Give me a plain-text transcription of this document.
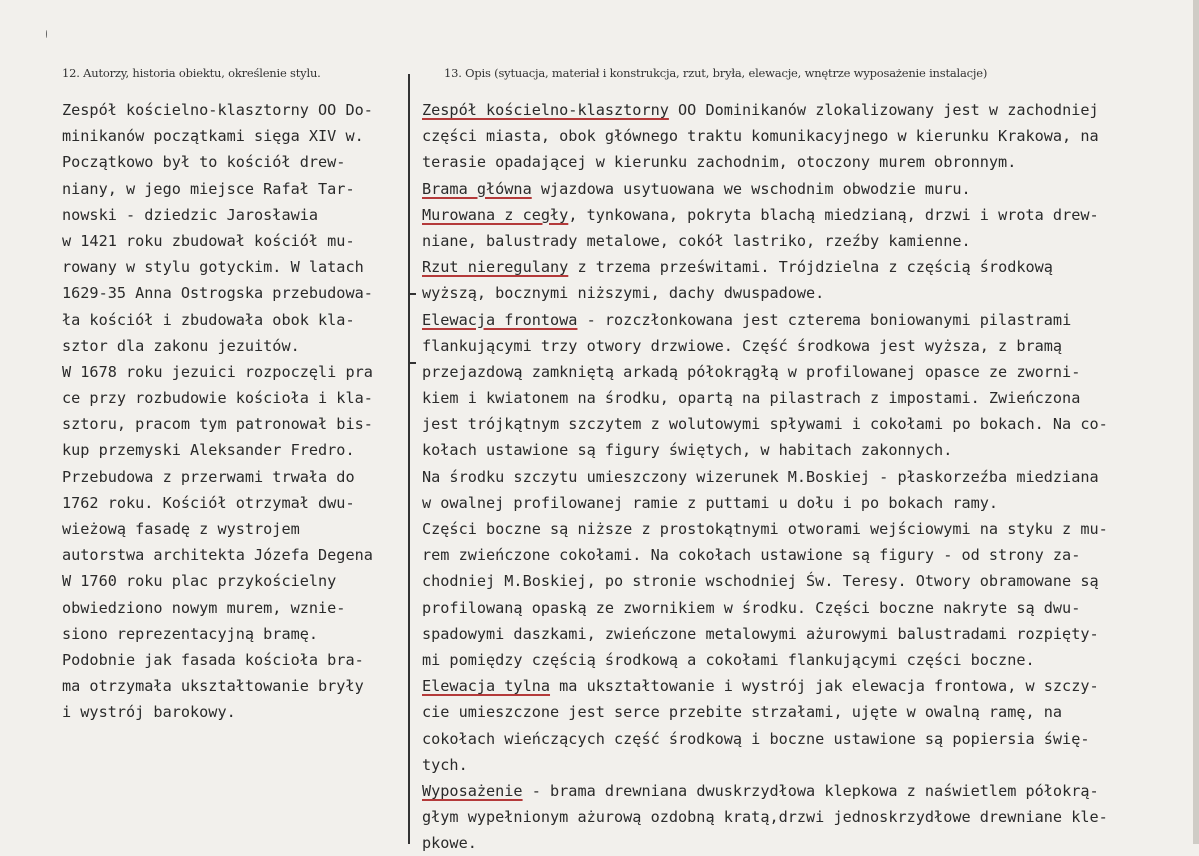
12. Autorzy, historia obiektu, określenie stylu.	13. Opis (sytuacja, materiał i konstrukcja, rzut, bryła, elewacje, wnętrze wyposażenie instalacje)
Zespół kościelno-klasztorny OO Do-
minikanów początkami sięga XIV w.
Początkowo był to kościół drew-
niany, w jego miejsce Rafał Tar-
nowski - dziedzic Jarosławia
w 1421 roku zbudował kościół mu-
rowany w stylu gotyckim. W latach
1629-35 Anna Ostrogska przebudowa-
ła kościół i zbudowała obok kla-
sztor dla zakonu jezuitów.
W 1678 roku jezuici rozpoczęli pra
ce przy rozbudowie kościoła i kla-
sztoru, pracom tym patronował bis-
kup przemyski Aleksander Fredro.
Przebudowa z przerwami trwała do
1762 roku. Kościół otrzymał dwu-
wieżową fasadę z wystrojem
autorstwa architekta Józefa Degena
W 1760 roku plac przykościelny
obwiedziono nowym murem, wznie-
siono reprezentacyjną bramę.
Podobnie jak fasada kościoła bra-
ma otrzymała ukształtowanie bryły
i wystrój barokowy.
Zespół kościelno-klasztorny OO Dominikanów zlokalizowany jest w zachodniej
części miasta, obok głównego traktu komunikacyjnego w kierunku Krakowa, na
terasie opadającej w kierunku zachodnim, otoczony murem obronnym.
Brama główna wjazdowa usytuowana we wschodnim obwodzie muru.
Murowana z cegły, tynkowana, pokryta blachą miedzianą, drzwi i wrota drew-
niane, balustrady metalowe, cokół lastriko, rzeźby kamienne.
Rzut nieregulany z trzema prześwitami. Trójdzielna z częścią środkową
wyższą, bocznymi niższymi, dachy dwuspadowe.
Elewacja frontowa - rozczłonkowana jest czterema boniowanymi pilastrami
flankującymi trzy otwory drzwiowe. Część środkowa jest wyższa, z bramą
przejazdową zamkniętą arkadą półokrągłą w profilowanej opasce ze zworni-
kiem i kwiatonem na środku, opartą na pilastrach z impostami. Zwieńczona
jest trójkątnym szczytem z wolutowymi spływami i cokołami po bokach. Na co-
kołach ustawione są figury świętych, w habitach zakonnych.
Na środku szczytu umieszczony wizerunek M.Boskiej - płaskorzeźba miedziana
w owalnej profilowanej ramie z puttami u dołu i po bokach ramy.
Części boczne są niższe z prostokątnymi otworami wejściowymi na styku z mu-
rem zwieńczone cokołami. Na cokołach ustawione są figury - od strony za-
chodniej M.Boskiej, po stronie wschodniej Św. Teresy. Otwory obramowane są
profilowaną opaską ze zwornikiem w środku. Części boczne nakryte są dwu-
spadowymi daszkami, zwieńczone metalowymi ażurowymi balustradami rozpięty-
mi pomiędzy częścią środkową a cokołami flankującymi części boczne.
Elewacja tylna ma ukształtowanie i wystrój jak elewacja frontowa, w szczy-
cie umieszczone jest serce przebite strzałami, ujęte w owalną ramę, na
cokołach wieńczących część środkową i boczne ustawione są popiersia świę-
tych.
Wyposażenie - brama drewniana dwuskrzydłowa klepkowa z naświetlem półokrą-
głym wypełnionym ażurową ozdobną kratą,drzwi jednoskrzydłowe drewniane kle-
pkowe.
